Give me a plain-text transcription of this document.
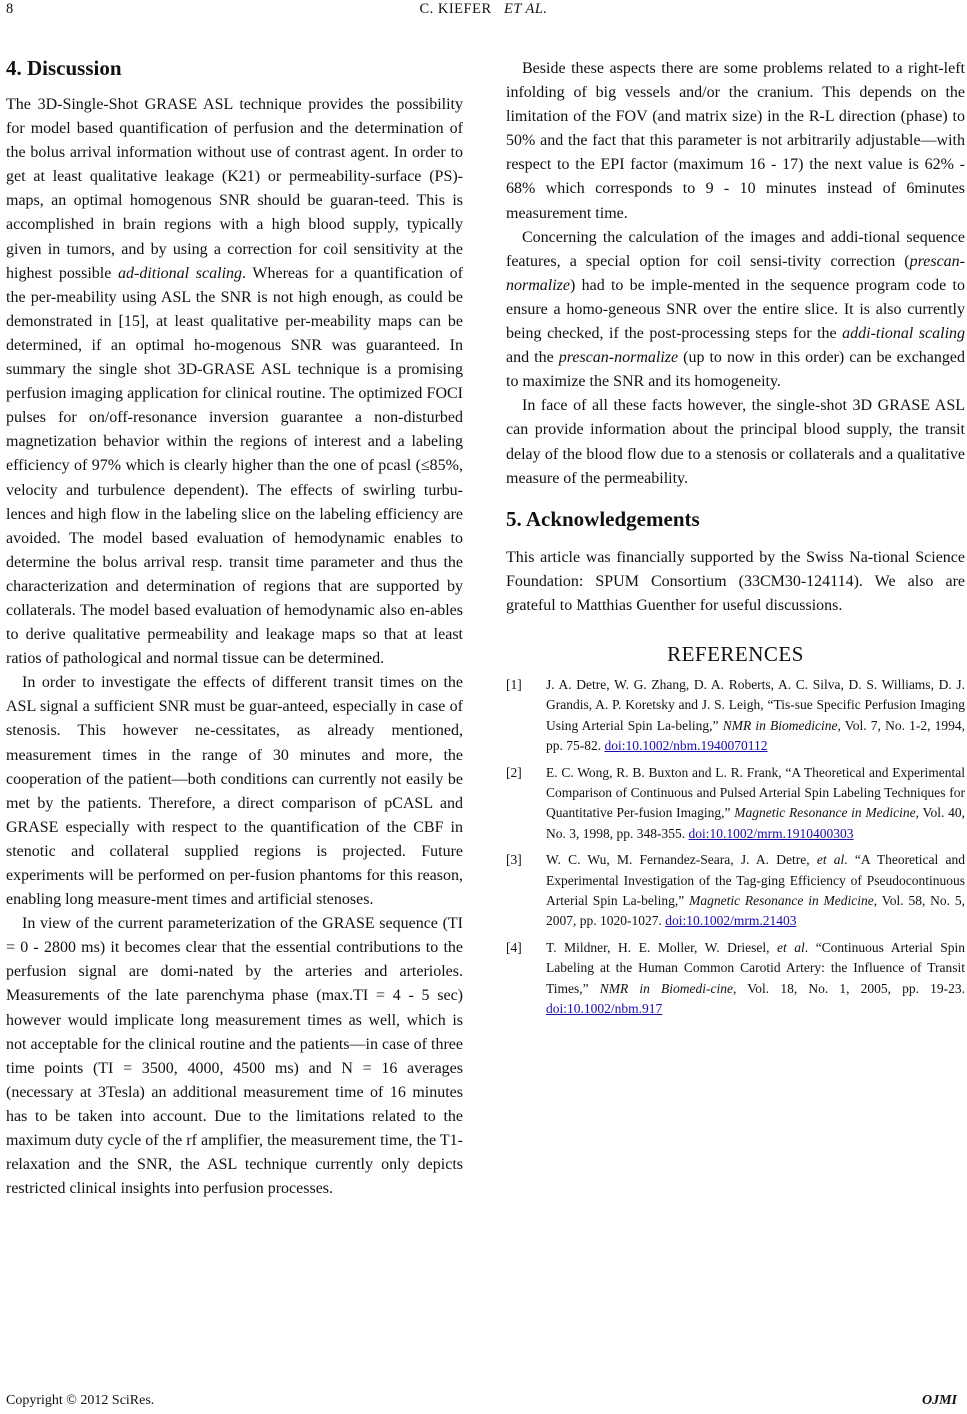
8	C. KIEFER ET AL.
4. Discussion

The 3D-Single-Shot GRASE ASL technique provides the possibility for model based quantification of perfusion and the determination of the bolus arrival information without use of contrast agent. In order to get at least qualitative leakage (K21) or permeability-surface (PS)-maps, an optimal homogenous SNR should be guaran-teed. This is accomplished in brain regions with a high blood supply, typically given in tumors, and by using a correction for coil sensitivity at the highest possible ad-ditional scaling. Whereas for a quantification of the per-meability using ASL the SNR is not high enough, as could be demonstrated in [15], at least qualitative per-meability maps can be determined, if an optimal ho-mogenous SNR was guaranteed. In summary the single shot 3D-GRASE ASL technique is a promising perfusion imaging application for clinical routine. The optimized FOCI pulses for on/off-resonance inversion guarantee a non-disturbed magnetization behavior within the regions of interest and a labeling efficiency of 97% which is clearly higher than the one of pcasl (≤85%, velocity and turbulence dependent). The effects of swirling turbu-lences and high flow in the labeling slice on the labeling efficiency are avoided. The model based evaluation of hemodynamic enables to determine the bolus arrival resp. transit time parameter and thus the characterization and determination of regions that are supported by collaterals. The model based evaluation of hemodynamic also en-ables to derive qualitative permeability and leakage maps so that at least ratios of pathological and normal tissue can be determined.

In order to investigate the effects of different transit times on the ASL signal a sufficient SNR must be guar-anteed, especially in case of stenosis. This however ne-cessitates, as already mentioned, measurement times in the range of 30 minutes and more, the cooperation of the patient—both conditions can currently not easily be met by the patients. Therefore, a direct comparison of pCASL and GRASE especially with respect to the quantification of the CBF in stenotic and collateral supplied regions is projected. Future experiments will be performed on per-fusion phantoms for this reason, enabling long measure-ment times and artificial stenoses.

In view of the current parameterization of the GRASE sequence (TI = 0 - 2800 ms) it becomes clear that the essential contributions to the perfusion signal are domi-nated by the arteries and arterioles. Measurements of the late parenchyma phase (max.TI = 4 - 5 sec) however would implicate long measurement times as well, which is not acceptable for the clinical routine and the patients—in case of three time points (TI = 3500, 4000, 4500 ms) and N = 16 averages (necessary at 3Tesla) an additional measurement time of 16 minutes has to be taken into account. Due to the limitations related to the maximum duty cycle of the rf amplifier, the measurement time, the T1-relaxation and the SNR, the ASL technique currently only depicts restricted clinical insights into perfusion processes.

Beside these aspects there are some problems related to a right-left infolding of big vessels and/or the cranium. This depends on the limitation of the FOV (and matrix size) in the R-L direction (phase) to 50% and the fact that this parameter is not arbitrarily adjustable—with respect to the EPI factor (maximum 16 - 17) the next value is 62% - 68% which corresponds to 9 - 10 minutes instead of 6minutes measurement time.

Concerning the calculation of the images and addi-tional sequence features, a special option for coil sensi-tivity correction (prescan-normalize) had to be imple-mented in the sequence program code to ensure a homo-geneous SNR over the entire slice. It is also currently being checked, if the post-processing steps for the addi-tional scaling and the prescan-normalize (up to now in this order) can be exchanged to maximize the SNR and its homogeneity.

In face of all these facts however, the single-shot 3D GRASE ASL can provide information about the principal blood supply, the transit delay of the blood flow due to a stenosis or collaterals and a qualitative measure of the permeability.

5. Acknowledgements

This article was financially supported by the Swiss Na-tional Science Foundation: SPUM Consortium (33CM30-124114). We also are grateful to Matthias Guenther for useful discussions.

REFERENCES
[1]	J. A. Detre, W. G. Zhang, D. A. Roberts, A. C. Silva, D. S. Williams, D. J. Grandis, A. P. Koretsky and J. S. Leigh, “Tis-sue Specific Perfusion Imaging Using Arterial Spin La-beling,” NMR in Biomedicine, Vol. 7, No. 1-2, 1994, pp. 75-82. doi:10.1002/nbm.1940070112
[2]	E. C. Wong, R. B. Buxton and L. R. Frank, “A Theoretical and Experimental Comparison of Continuous and Pulsed Arterial Spin Labeling Techniques for Quantitative Per-fusion Imaging,” Magnetic Resonance in Medicine, Vol. 40, No. 3, 1998, pp. 348-355. doi:10.1002/mrm.1910400303
[3]	W. C. Wu, M. Fernandez-Seara, J. A. Detre, et al. “A Theoretical and Experimental Investigation of the Tag-ging Efficiency of Pseudocontinuous Arterial Spin La-beling,” Magnetic Resonance in Medicine, Vol. 58, No. 5, 2007, pp. 1020-1027. doi:10.1002/mrm.21403
[4]	T. Mildner, H. E. Moller, W. Driesel, et al. “Continuous Arterial Spin Labeling at the Human Common Carotid Artery: the Influence of Transit Times,” NMR in Biomedi-cine, Vol. 18, No. 1, 2005, pp. 19-23. doi:10.1002/nbm.917
Copyright © 2012 SciRes.	OJMI
